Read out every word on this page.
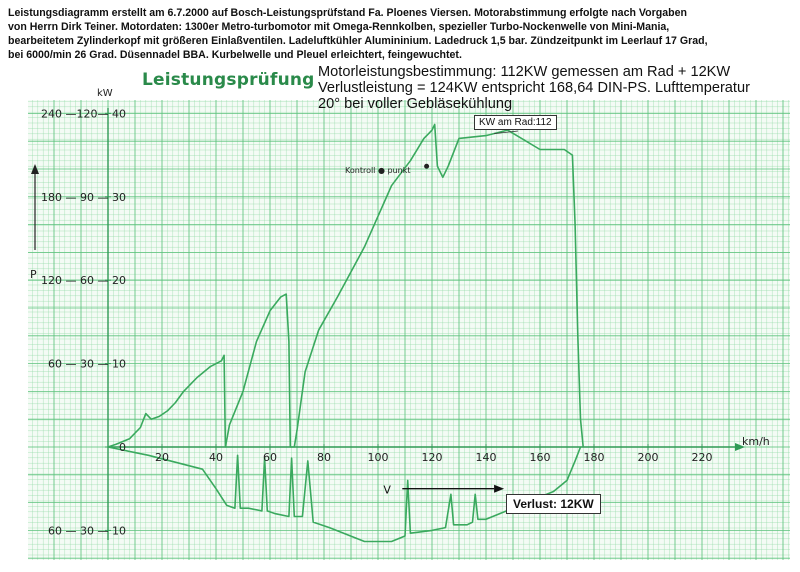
Leistungsdiagramm erstellt am 6.7.2000 auf Bosch-Leistungsprüfstand Fa. Ploenes Viersen. Motorabstimmung erfolgte nach Vorgaben
von Herrn Dirk Teiner. Motordaten: 1300er Metro-turbomotor mit Omega-Rennkolben, spezieller Turbo-Nockenwelle von Mini-Mania,
bearbeitetem Zylinderkopf mit größeren Einlaßventilen. Ladeluftkühler Alumininium. Ladedruck 1,5 bar. Zündzeitpunkt im Leerlauf 17 Grad,
bei 6000/min 26 Grad. Düsennadel BBA. Kurbelwelle und Pleuel erleichtert, feingewuchtet.
20	40	60	80	100	120	140	160	180	200	220
km/h
240 —120— 40
180 — 90 — 30
120 — 60 — 20
60 — 30 — 10
0
60 — 30 — 10
kW
P
V
Leistungsprüfung Motorleistungsbestimmung: 112KW gemessen am Rad + 12KW
Verlustleistung = 124KW entspricht 168,64 DIN-PS. Lufttemperatur
20° bei voller Gebläsekühlung
Kontroll ● punkt
KW am Rad:112
Verlust: 12KW
